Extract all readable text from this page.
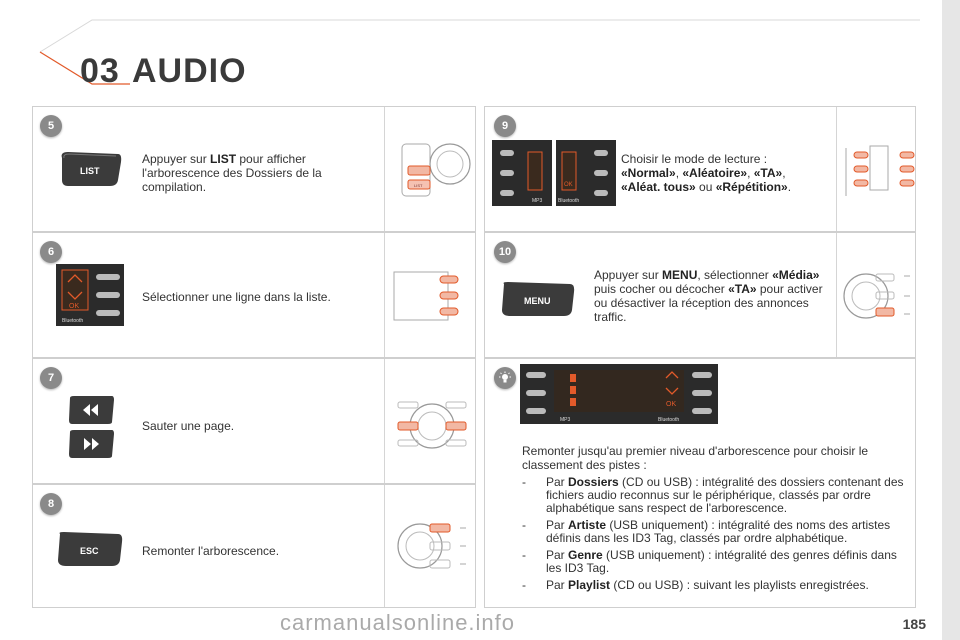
03 AUDIO
5
6
7
8
9
10
LIST
Appuyer sur LIST pour afficher l'arborescence des Dossiers de la compilation.	LIST
OK
Bluetooth
Sélectionner une ligne dans la liste.
Sauter une page.
ESC	Remonter l'arborescence.
OK
MP3	Bluetooth
Choisir le mode de lecture :
«Normal», «Aléatoire», «TA»,
«Aléat. tous» ou «Répétition».
MENU
Appuyer sur MENU, sélectionner «Média» puis cocher ou décocher «TA» pour activer ou désactiver la réception des annonces traffic.
OK
MP3	Bluetooth
Remonter jusqu'au premier niveau d'arborescence pour choisir le classement des pistes :
- Par Dossiers (CD ou USB) : intégralité des dossiers contenant des fichiers audio reconnus sur le périphérique, classés par ordre alphabétique sans respect de l'arborescence.
- Par Artiste (USB uniquement) : intégralité des noms des artistes définis dans les ID3 Tag, classés par ordre alphabétique.
- Par Genre (USB uniquement) : intégralité des genres définis dans les ID3 Tag.
- Par Playlist (CD ou USB) : suivant les playlists enregistrées.
carmanualsonline.info	185
